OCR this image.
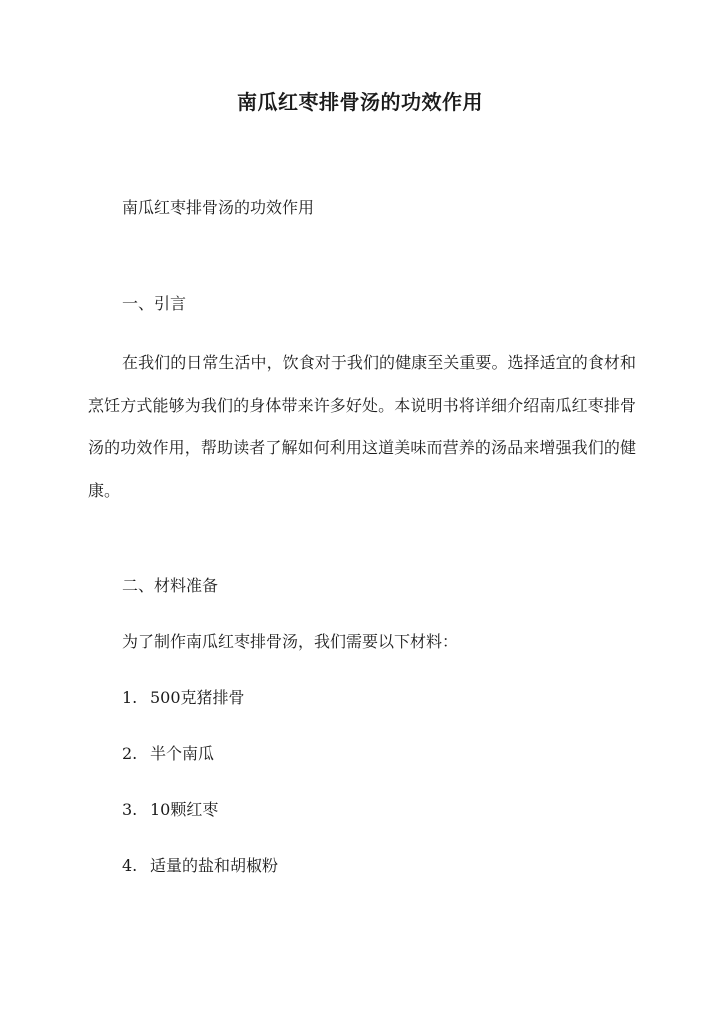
南瓜红枣排骨汤的功效作用
南瓜红枣排骨汤的功效作用
一、引言
在我们的日常生活中，饮食对于我们的健康至关重要。选择适宜的食材和烹饪方式能够为我们的身体带来许多好处。本说明书将详细介绍南瓜红枣排骨汤的功效作用，帮助读者了解如何利用这道美味而营养的汤品来增强我们的健康。
二、材料准备
为了制作南瓜红枣排骨汤，我们需要以下材料：
1. 500克猪排骨
2. 半个南瓜
3. 10颗红枣
4. 适量的盐和胡椒粉
